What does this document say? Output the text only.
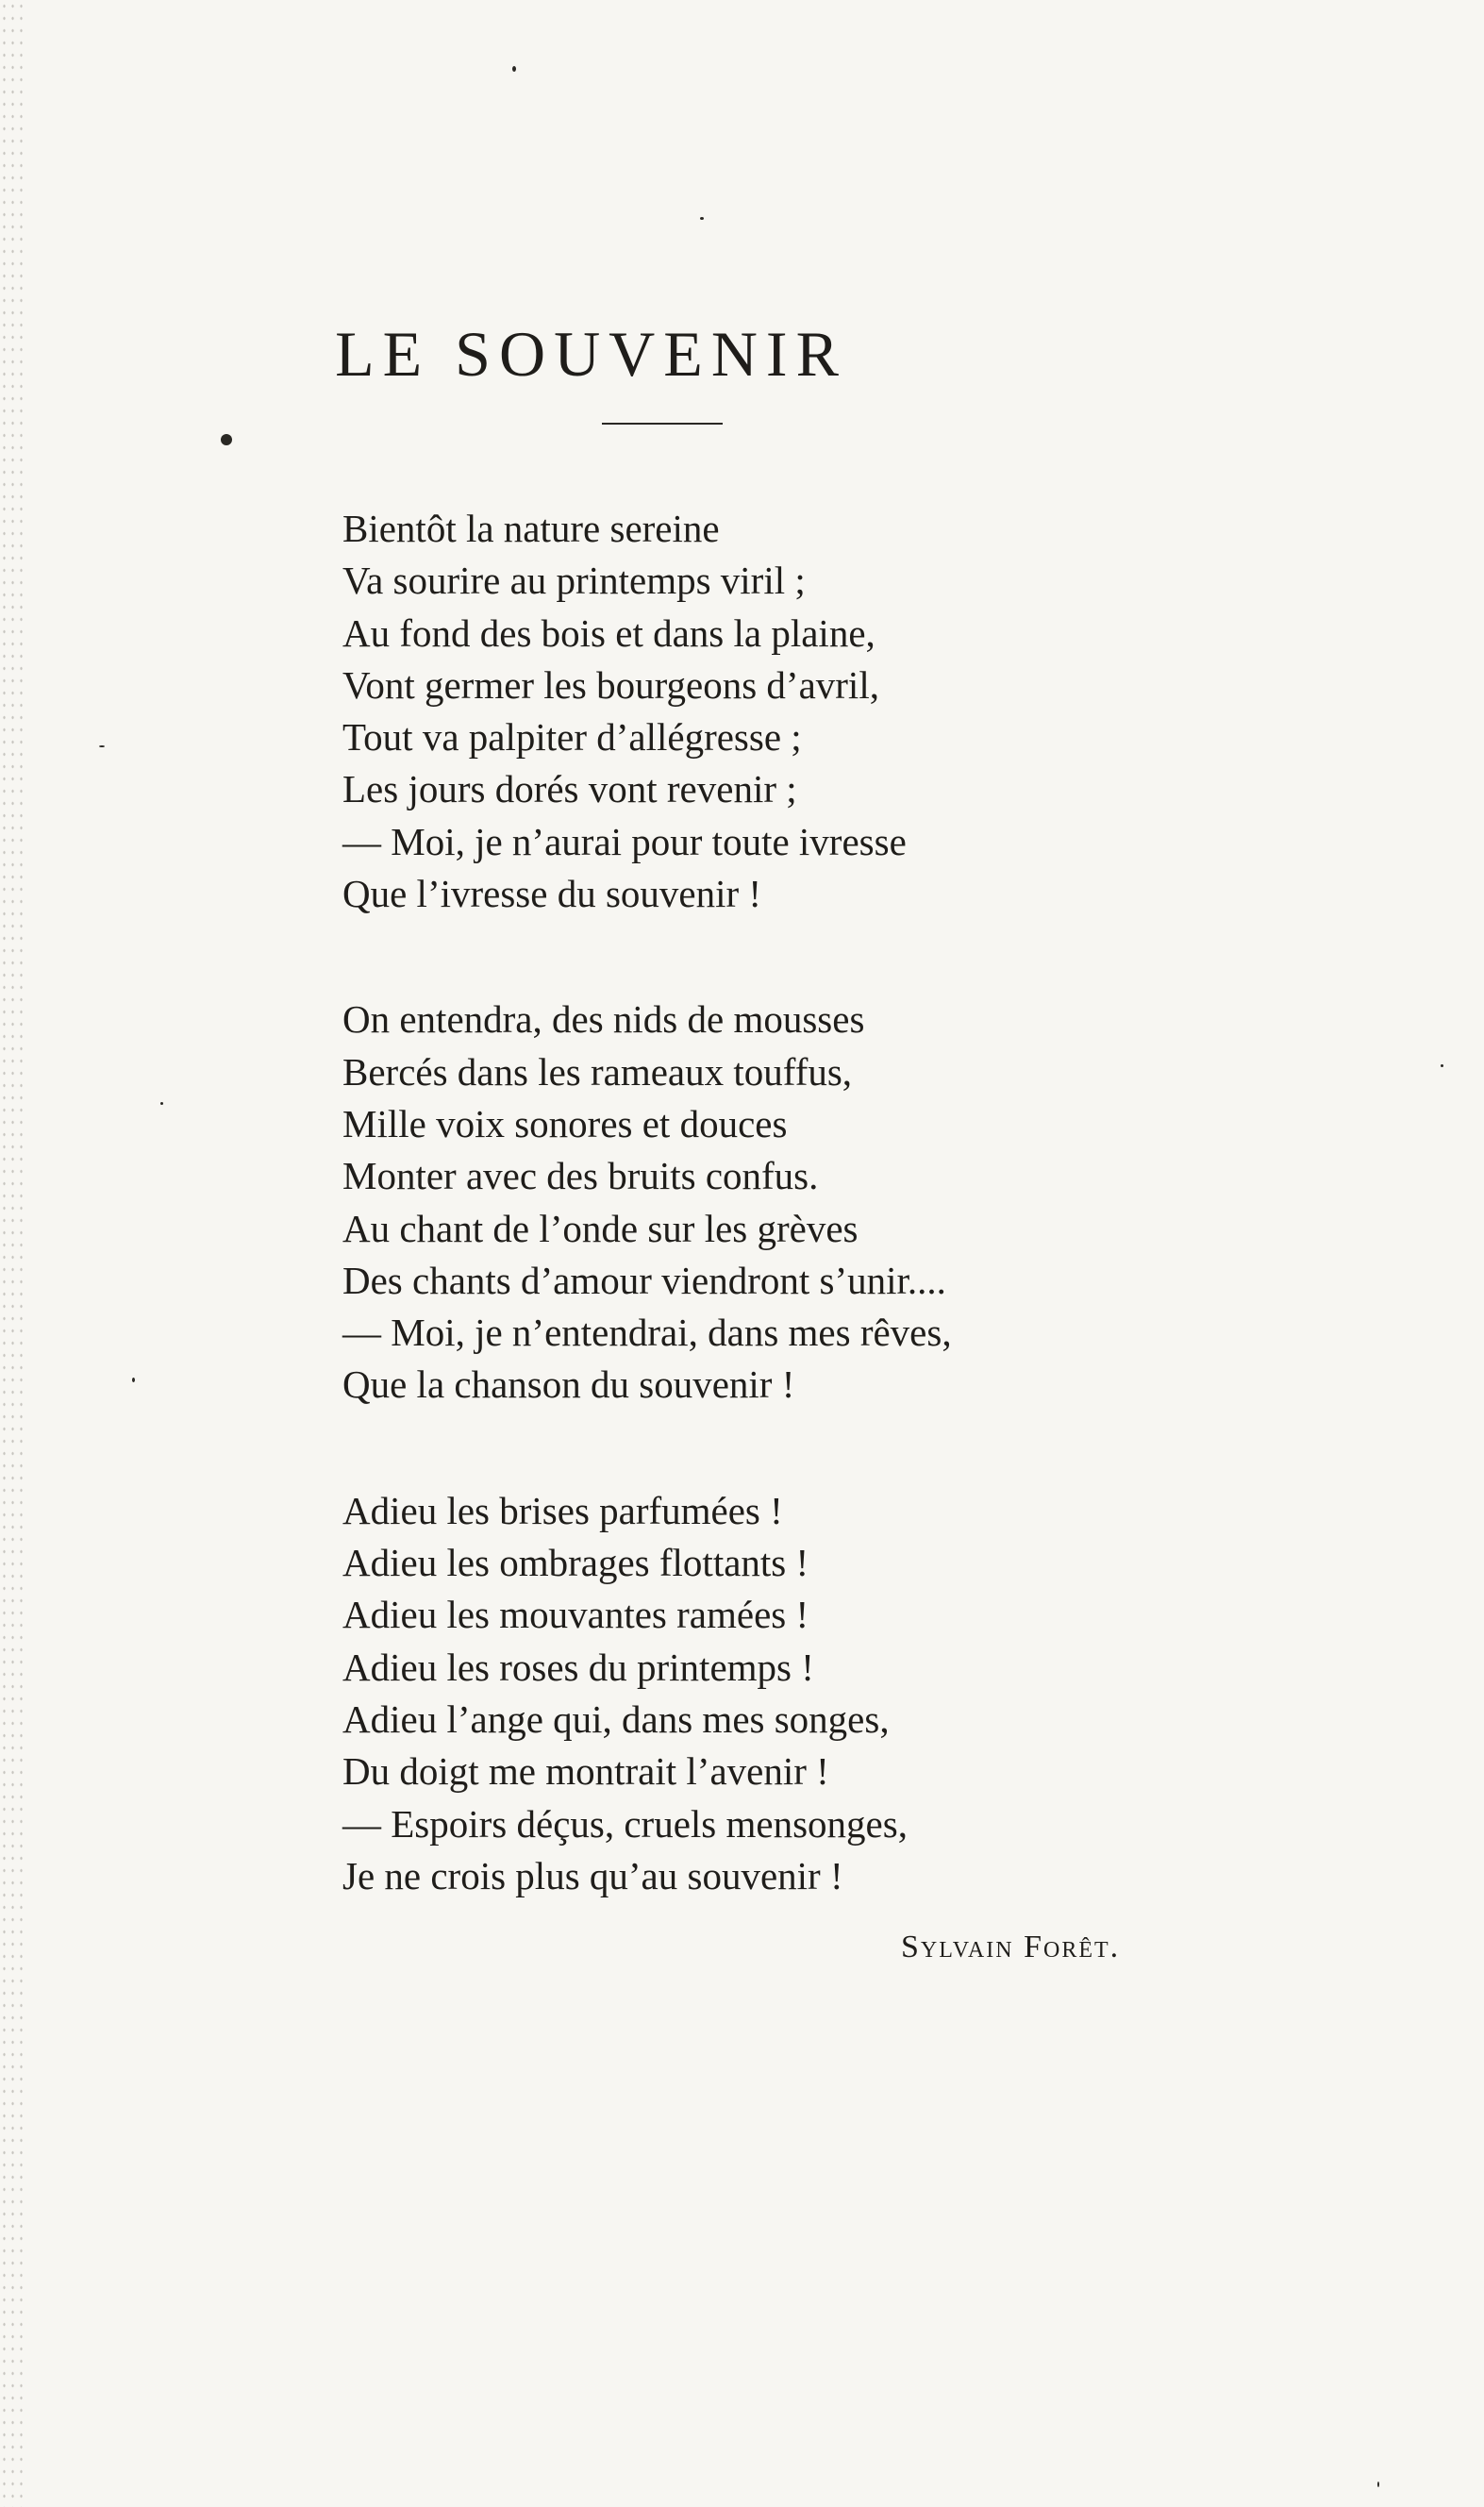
LE SOUVENIR
Bientôt la nature sereine
Va sourire au printemps viril ;
Au fond des bois et dans la plaine,
Vont germer les bourgeons d’avril,
Tout va palpiter d’allégresse ;
Les jours dorés vont revenir ;
— Moi, je n’aurai pour toute ivresse
Que l’ivresse du souvenir !
On entendra, des nids de mousses
Bercés dans les rameaux touffus,
Mille voix sonores et douces
Monter avec des bruits confus.
Au chant de l’onde sur les grèves
Des chants d’amour viendront s’unir....
— Moi, je n’entendrai, dans mes rêves,
Que la chanson du souvenir !
Adieu les brises parfumées !
Adieu les ombrages flottants !
Adieu les mouvantes ramées !
Adieu les roses du printemps !
Adieu l’ange qui, dans mes songes,
Du doigt me montrait l’avenir !
— Espoirs déçus, cruels mensonges,
Je ne crois plus qu’au souvenir !
Sylvain Forêt.
